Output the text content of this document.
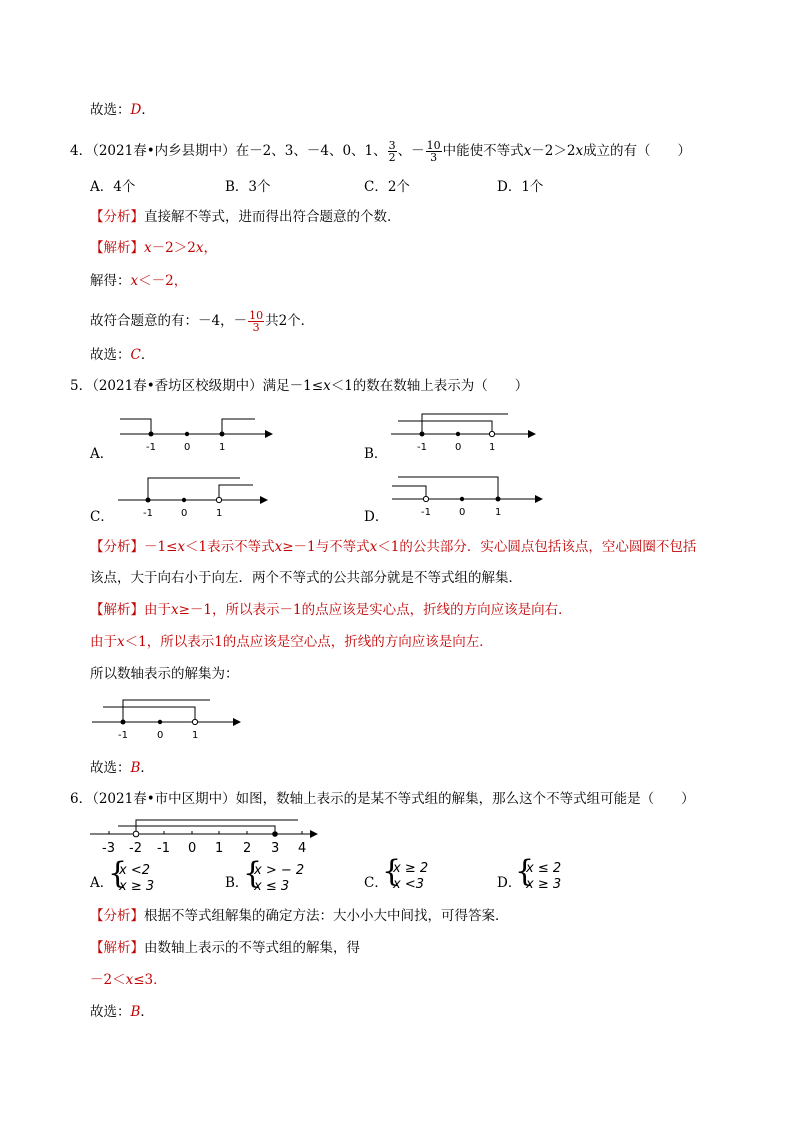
故选：D．
4．（2021春•内乡县期中）在－2、3、－4、0、1、 $\frac{3}{2}$ 、－ $\frac{10}{3}$ 中能使不等式x－2＞2x成立的有（　　）
A．4个	B．3个	C．2个	D．1个
【分析】直接解不等式，进而得出符合题意的个数．
【解析】x－2＞2x，
解得：x＜－2，
故符合题意的有：－4，－ $\frac{10}{3}$ 共2个．
故选：C．
5．（2021春•香坊区校级期中）满足－1≤x＜1的数在数轴上表示为（　　）
A．	-1	0	1	B．	-1	0	1
C．	-1	0	1	D．	-1	0	1
【分析】－1≤x＜1表示不等式x≥－1与不等式x＜1的公共部分．实心圆点包括该点，空心圆圈不包括
该点，大于向右小于向左．两个不等式的公共部分就是不等式组的解集．
【解析】由于x≥－1，所以表示－1的点应该是实心点，折线的方向应该是向右．
由于x＜1，所以表示1的点应该是空心点，折线的方向应该是向左．
所以数轴表示的解集为：
-1	0	1
故选：B．
6．（2021春•市中区期中）如图，数轴上表示的是某不等式组的解集，那么这个不等式组可能是（　　）
-3 -2 -1 0 1 2 3 4
A．
{
x <2
x ≥ 3	B．
{
x > − 2
x ≤ 3	C．
{
x ≥ 2
x <3	D．
{
x ≤ 2
x ≥ 3
【分析】根据不等式组解集的确定方法：大小小大中间找，可得答案．
【解析】由数轴上表示的不等式组的解集，得
－2＜x≤3．
故选：B．
